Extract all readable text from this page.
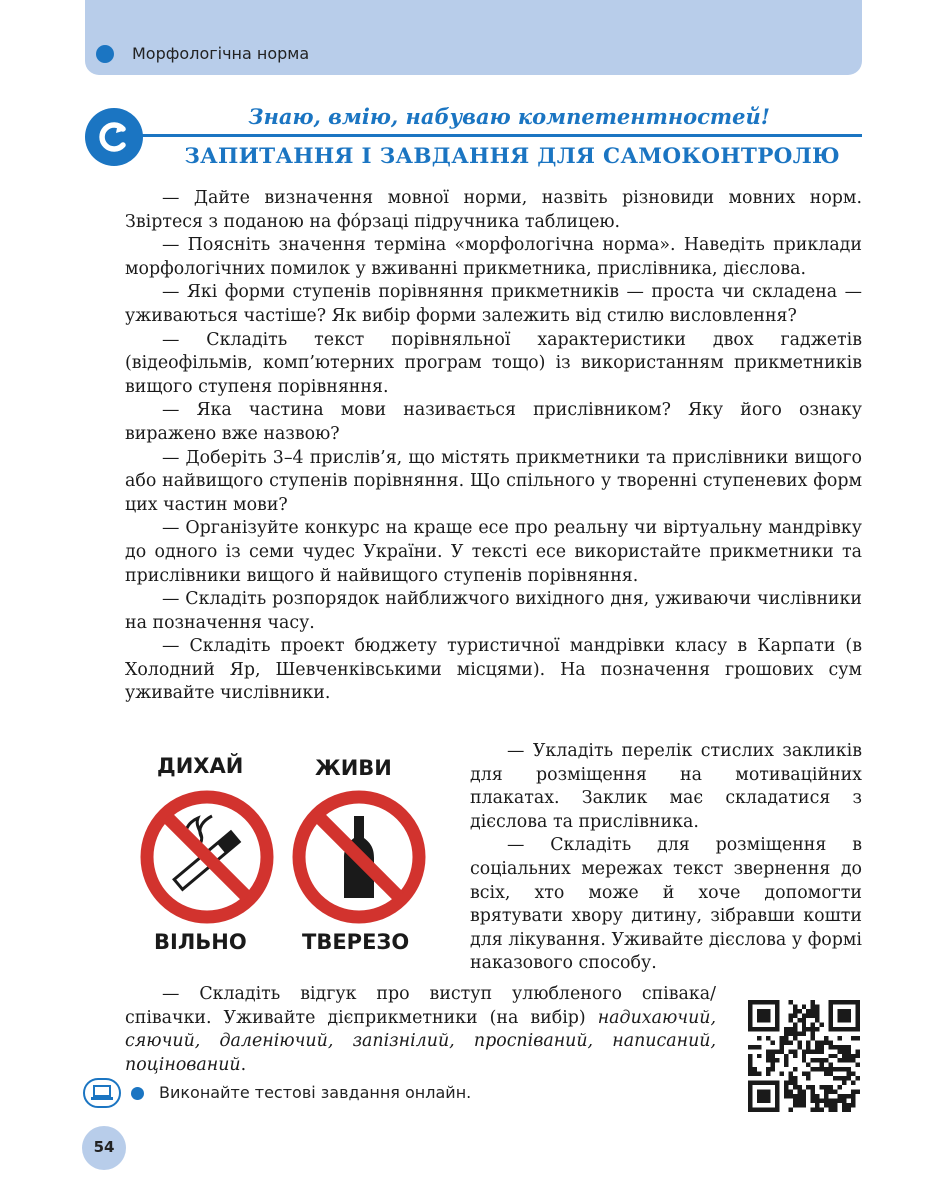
Морфологічна норма
Знаю, вмію, набуваю компетентностей!
ЗАПИТАННЯ І ЗАВДАННЯ ДЛЯ САМОКОНТРОЛЮ

— Дайте визначення мовної норми, назвіть різновиди мовних норм. Звіртеся з поданою на фо́рзаці підручника таблицею.

— Поясніть значення терміна «морфологічна норма». Наведіть приклади морфологічних помилок у вживанні прикметника, прислівника, дієслова.

— Які форми ступенів порівняння прикметників — проста чи складена — уживаються частіше? Як вибір форми залежить від стилю висловлення?

— Складіть текст порівняльної характеристики двох гаджетів (відеофільмів, комп’ютерних програм тощо) із використанням прикметників вищого ступеня порівняння.

— Яка частина мови називається прислівником? Яку його ознаку виражено вже назвою?

— Доберіть 3–4 прислів’я, що містять прикметники та прислівники вищого або найвищого ступенів порівняння. Що спільного у творенні ступеневих форм цих частин мови?

— Організуйте конкурс на краще есе про реальну чи віртуальну мандрівку до одного із семи чудес України. У тексті есе використайте прикметники та прислівники вищого й найвищого ступенів порівняння.

— Складіть розпорядок найближчого вихідного дня, уживаючи числівники на позначення часу.

— Складіть проект бюджету туристичної мандрівки класу в Карпати (в Холодний Яр, Шевченківськими місцями). На позначення грошових сум уживайте числівники.

ДИХАЙ	ЖИВИ
ВІЛЬНО	ТВЕРЕЗО

— Укладіть перелік стислих закликів для розміщення на мотиваційних плакатах. Заклик має складатися з дієслова та прислівника.

— Складіть для розміщення в соціальних мережах текст звернення до всіх, хто може й хоче допомогти врятувати хвору дитину, зібравши кошти для лікування. Уживайте дієслова у формі наказового способу.

— Складіть відгук про виступ улюбленого співака/співачки. Уживайте дієприкметники (на вибір) надихаючий, сяючий, даленіючий, запізнілий, проспіваний, написаний, поцінований.

Виконайте тестові завдання онлайн.
54
